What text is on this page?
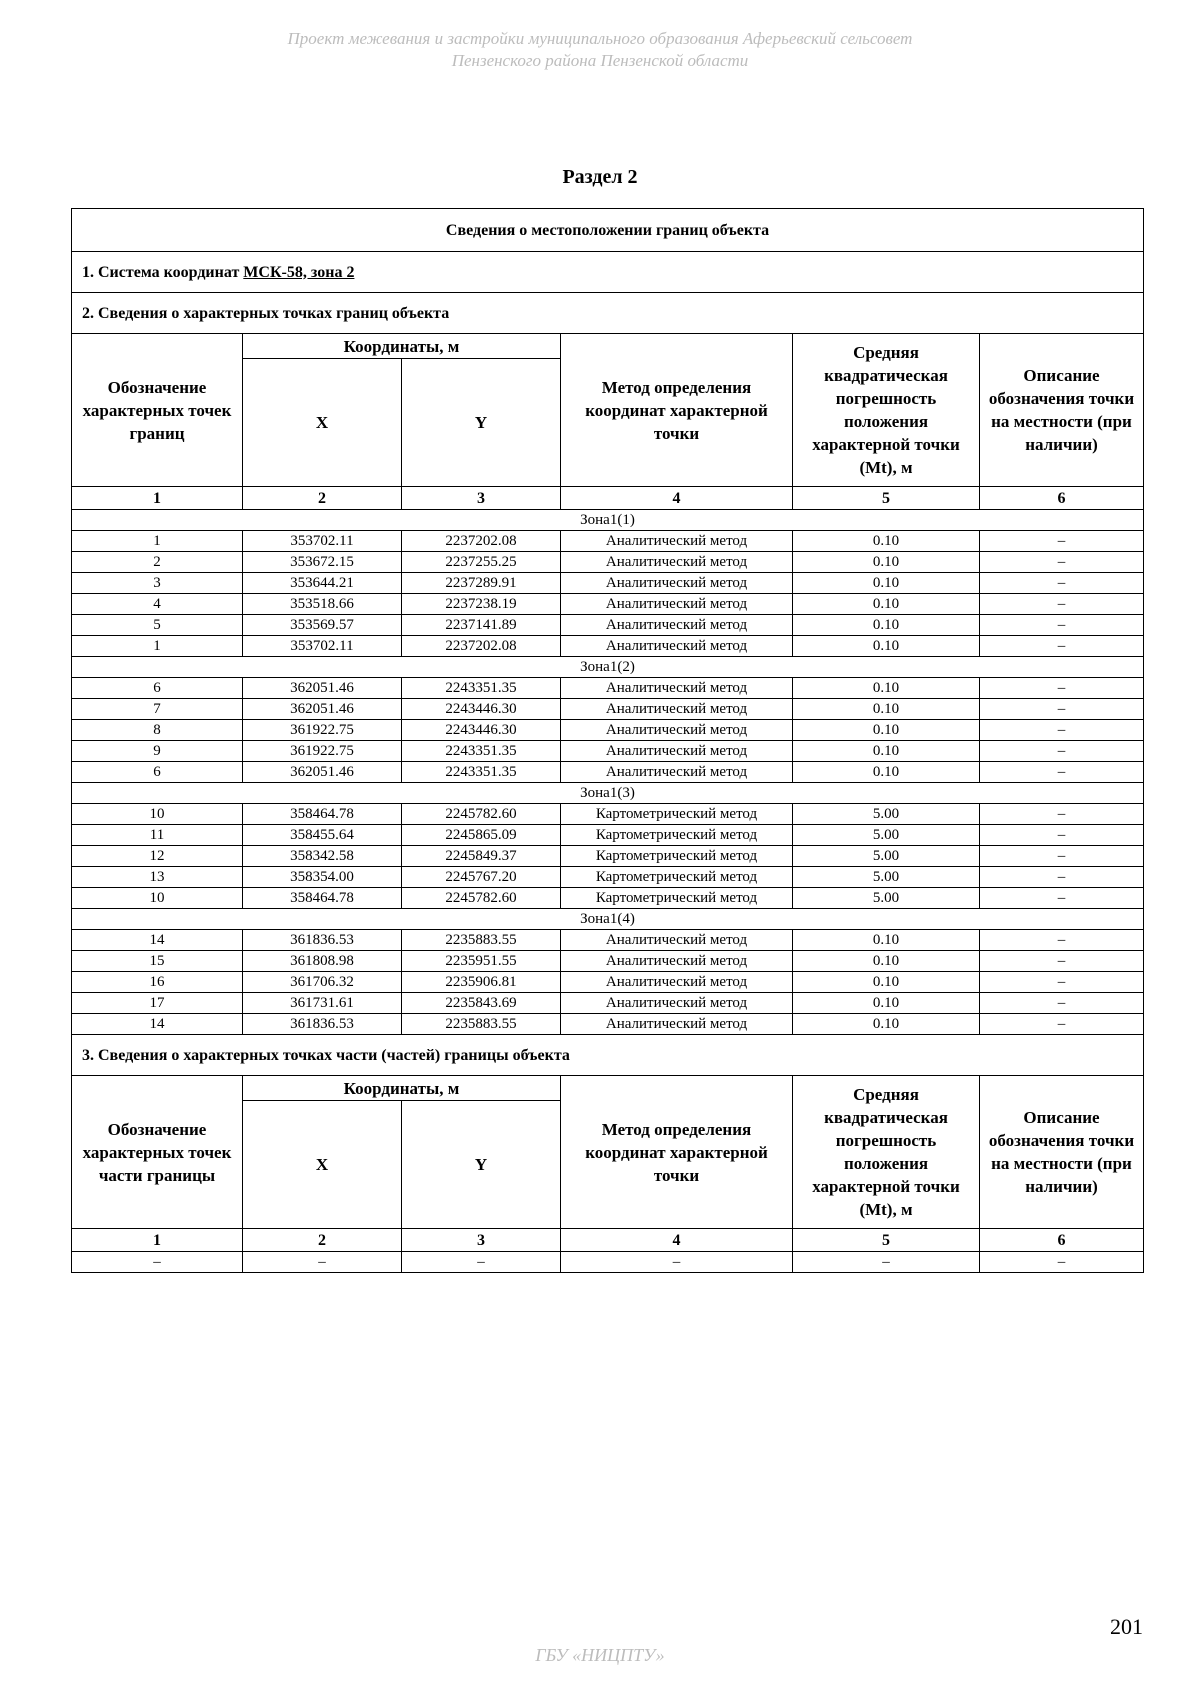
Проект межевания и застройки муниципального образования Аферьевский сельсовет
Пензенского района Пензенской области
Раздел 2
Сведения о местоположении границ объекта					
1. Система координат МСК-58, зона 2					
2. Сведения о характерных точках границ объекта					
Обозначение характерных точек границ	Координаты, м		Метод определения координат характерной точки	Средняя квадратическая погрешность положения характерной точки (Mt), м	Описание обозначения точки на местности (при наличии)
	X	Y			
1	2	3	4	5	6
Зона1(1)					
1	353702.11	2237202.08	Аналитический метод	0.10	–
2	353672.15	2237255.25	Аналитический метод	0.10	–
3	353644.21	2237289.91	Аналитический метод	0.10	–
4	353518.66	2237238.19	Аналитический метод	0.10	–
5	353569.57	2237141.89	Аналитический метод	0.10	–
1	353702.11	2237202.08	Аналитический метод	0.10	–
Зона1(2)					
6	362051.46	2243351.35	Аналитический метод	0.10	–
7	362051.46	2243446.30	Аналитический метод	0.10	–
8	361922.75	2243446.30	Аналитический метод	0.10	–
9	361922.75	2243351.35	Аналитический метод	0.10	–
6	362051.46	2243351.35	Аналитический метод	0.10	–
Зона1(3)					
10	358464.78	2245782.60	Картометрический метод	5.00	–
11	358455.64	2245865.09	Картометрический метод	5.00	–
12	358342.58	2245849.37	Картометрический метод	5.00	–
13	358354.00	2245767.20	Картометрический метод	5.00	–
10	358464.78	2245782.60	Картометрический метод	5.00	–
Зона1(4)					
14	361836.53	2235883.55	Аналитический метод	0.10	–
15	361808.98	2235951.55	Аналитический метод	0.10	–
16	361706.32	2235906.81	Аналитический метод	0.10	–
17	361731.61	2235843.69	Аналитический метод	0.10	–
14	361836.53	2235883.55	Аналитический метод	0.10	–
3. Сведения о характерных точках части (частей) границы объекта					
Обозначение характерных точек части границы	Координаты, м		Метод определения координат характерной точки	Средняя квадратическая погрешность положения характерной точки (Mt), м	Описание обозначения точки на местности (при наличии)
	X	Y			
1	2	3	4	5	6
–	–	–	–	–	–
201
ГБУ «НИЦПТУ»
